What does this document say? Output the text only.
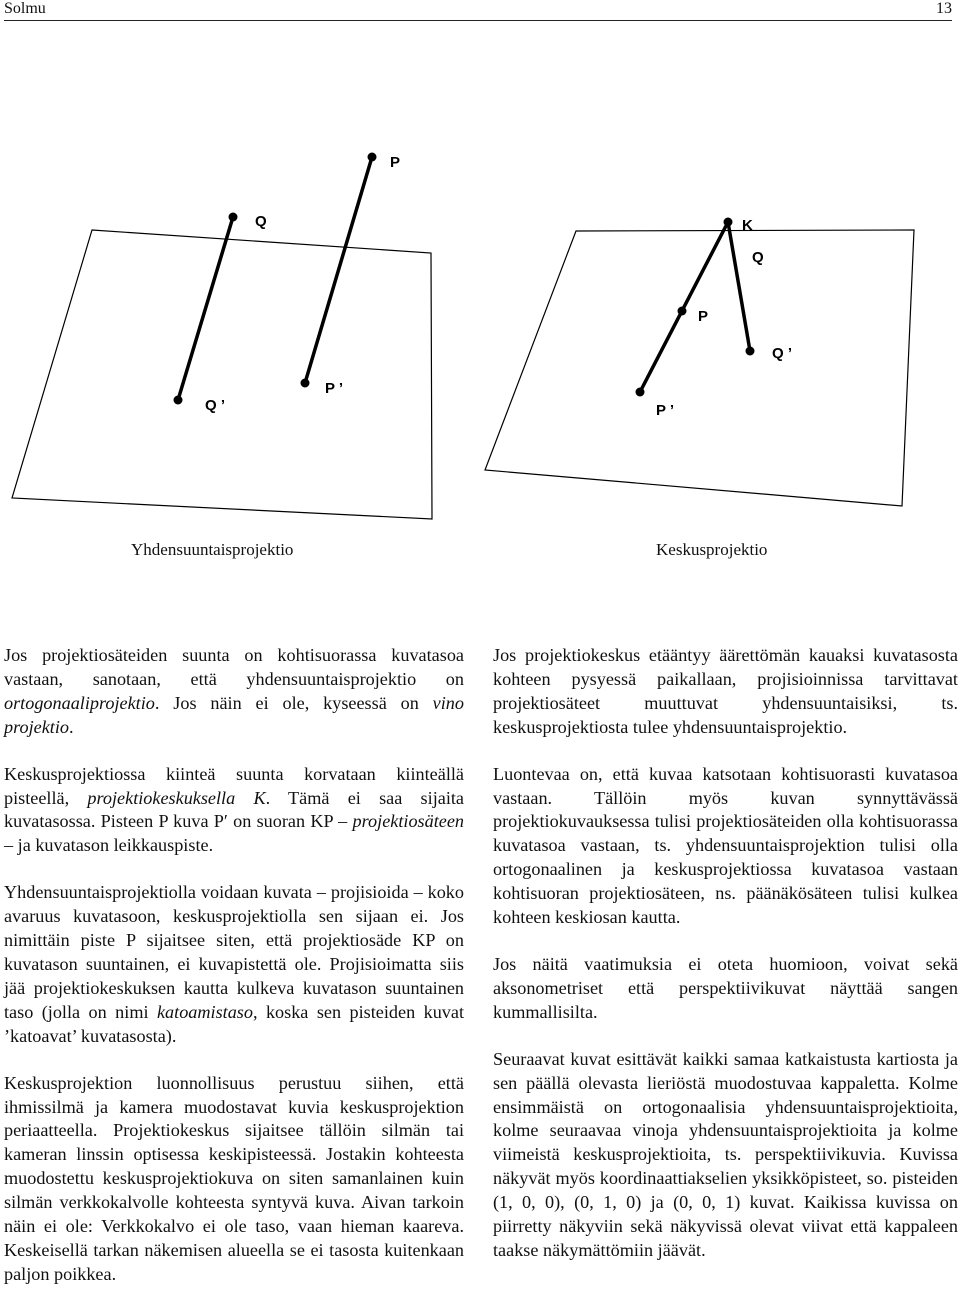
Solmu	13
P
Q
Q ’
P ’
K
Q
P
Q ’
P ’
Yhdensuuntaisprojektio	Keskusprojektio

Jos projektiosäteiden suunta on kohtisuorassa kuvatasoa vastaan, sanotaan, että yhdensuuntaisprojektio on ortogonaaliprojektio. Jos näin ei ole, kyseessä on vino projektio.

Keskusprojektiossa kiinteä suunta korvataan kiinteällä pisteellä, projektiokeskuksella K. Tämä ei saa sijaita kuvatasossa. Pisteen P kuva P′ on suoran KP – projektiosäteen – ja kuvatason leikkauspiste.

Yhdensuuntaisprojektiolla voidaan kuvata – projisioida – koko avaruus kuvatasoon, keskusprojektiolla sen sijaan ei. Jos nimittäin piste P sijaitsee siten, että projektiosäde KP on kuvatason suuntainen, ei kuvapistettä ole. Projisioimatta siis jää projektiokeskuksen kautta kulkeva kuvatason suuntainen taso (jolla on nimi katoamistaso, koska sen pisteiden kuvat ’katoavat’ kuvatasosta).

Keskusprojektion luonnollisuus perustuu siihen, että ihmissilmä ja kamera muodostavat kuvia keskusprojektion periaatteella. Projektiokeskus sijaitsee tällöin silmän tai kameran linssin optisessa keskipisteessä. Jostakin kohteesta muodostettu keskusprojektiokuva on siten samanlainen kuin silmän verkkokalvolle kohteesta syntyvä kuva. Aivan tarkoin näin ei ole: Verkkokalvo ei ole taso, vaan hieman kaareva. Keskeisellä tarkan näkemisen alueella se ei tasosta kuitenkaan paljon poikkea.

Jos projektiokeskus etääntyy äärettömän kauaksi kuvatasosta kohteen pysyessä paikallaan, projisioinnissa tarvittavat projektiosäteet muuttuvat yhdensuuntaisiksi, ts. keskusprojektiosta tulee yhdensuuntaisprojektio.

Luontevaa on, että kuvaa katsotaan kohtisuorasti kuvatasoa vastaan. Tällöin myös kuvan synnyttävässä projektiokuvauksessa tulisi projektiosäteiden olla kohtisuorassa kuvatasoa vastaan, ts. yhdensuuntaisprojektion tulisi olla ortogonaalinen ja keskusprojektiossa kuvatasoa vastaan kohtisuoran projektiosäteen, ns. päänäkösäteen tulisi kulkea kohteen keskiosan kautta.

Jos näitä vaatimuksia ei oteta huomioon, voivat sekä aksonometriset että perspektiivikuvat näyttää sangen kummallisilta.

Seuraavat kuvat esittävät kaikki samaa katkaistusta kartiosta ja sen päällä olevasta lieriöstä muodostuvaa kappaletta. Kolme ensimmäistä on ortogonaalisia yhdensuuntaisprojektioita, kolme seuraavaa vinoja yhdensuuntaisprojektioita ja kolme viimeistä keskusprojektioita, ts. perspektiivikuvia. Kuvissa näkyvät myös koordinaattiakselien yksikköpisteet, so. pisteiden (1, 0, 0), (0, 1, 0) ja (0, 0, 1) kuvat. Kaikissa kuvissa on piirretty näkyviin sekä näkyvissä olevat viivat että kappaleen taakse näkymättömiin jäävät.
